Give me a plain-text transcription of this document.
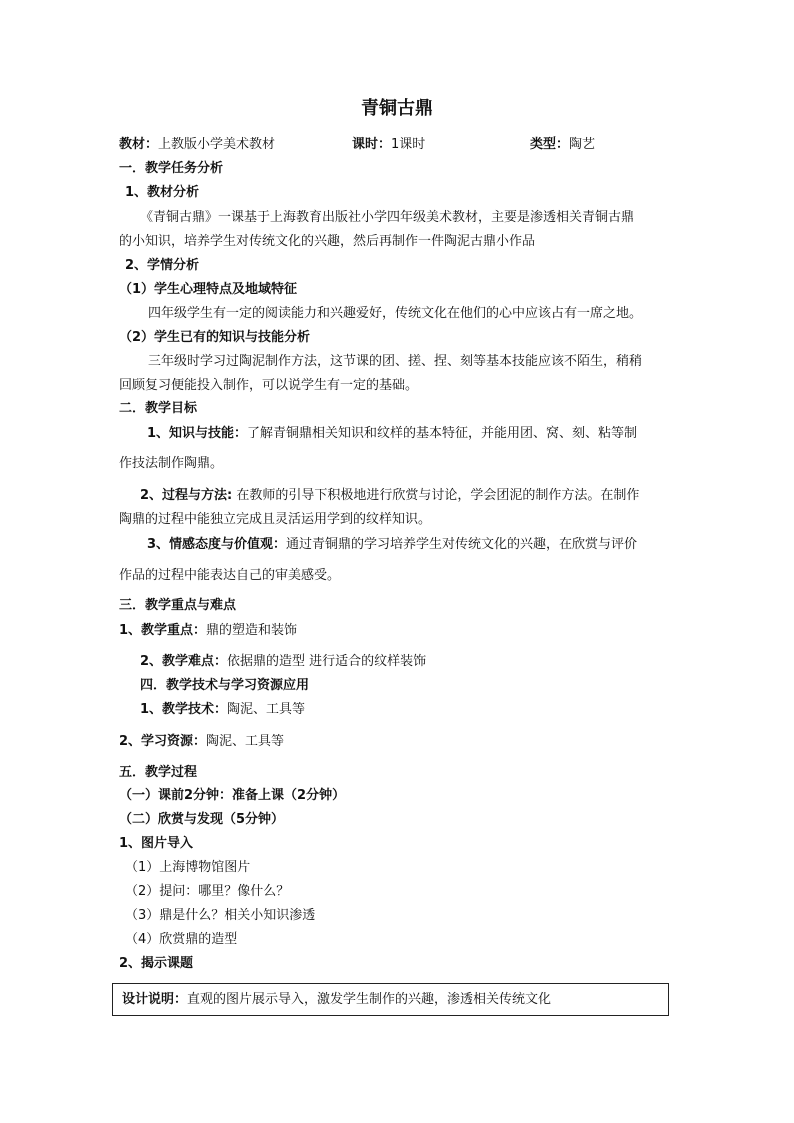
青铜古鼎
教材：上教版小学美术教材	课时：1课时	类型：陶艺
一．教学任务分析
1、教材分析
《青铜古鼎》一课基于上海教育出版社小学四年级美术教材，主要是渗透相关青铜古鼎
的小知识，培养学生对传统文化的兴趣，然后再制作一件陶泥古鼎小作品
2、学情分析
（1）学生心理特点及地域特征
四年级学生有一定的阅读能力和兴趣爱好，传统文化在他们的心中应该占有一席之地。
（2）学生已有的知识与技能分析
三年级时学习过陶泥制作方法，这节课的团、搓、捏、刻等基本技能应该不陌生，稍稍
回顾复习便能投入制作，可以说学生有一定的基础。
二．教学目标
1、知识与技能：了解青铜鼎相关知识和纹样的基本特征，并能用团、窝、刻、粘等制
作技法制作陶鼎。
2、过程与方法: 在教师的引导下积极地进行欣赏与讨论，学会团泥的制作方法。在制作
陶鼎的过程中能独立完成且灵活运用学到的纹样知识。
3、情感态度与价值观：通过青铜鼎的学习培养学生对传统文化的兴趣，在欣赏与评价
作品的过程中能表达自己的审美感受。
三．教学重点与难点
1、教学重点：鼎的塑造和装饰
2、教学难点：依据鼎的造型 进行适合的纹样装饰
四．教学技术与学习资源应用
1、教学技术：陶泥、工具等
2、学习资源：陶泥、工具等
五．教学过程
（一）课前2分钟：准备上课（2分钟）
（二）欣赏与发现（5分钟）
1、图片导入
（1）上海博物馆图片
（2）提问：哪里？像什么？
（3）鼎是什么？相关小知识渗透
（4）欣赏鼎的造型
2、揭示课题
设计说明：直观的图片展示导入，激发学生制作的兴趣，渗透相关传统文化
